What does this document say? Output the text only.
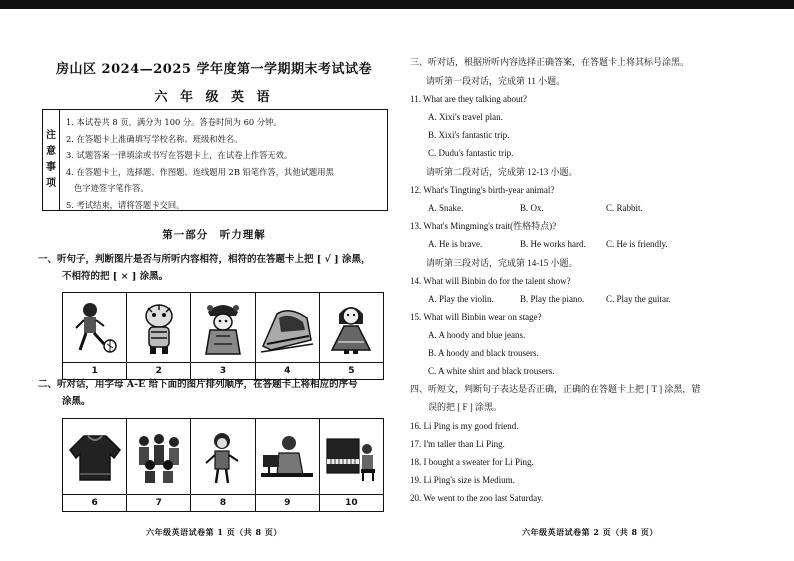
房山区 2024—2025 学年度第一学期期末考试试卷
六 年 级 英 语
注
意
事
项
1. 本试卷共 8 页，满分为 100 分。答卷时间为 60 分钟。
2. 在答题卡上准确填写学校名称、班级和姓名。
3. 试题答案一律填涂或书写在答题卡上，在试卷上作答无效。
4. 在答题卡上，选择题、作图题、连线题用 2B 铅笔作答，其他试题用黑
色字迹签字笔作答。
5. 考试结束，请将答题卡交回。
第一部分　听力理解
一、听句子，判断图片是否与所听内容相符，相符的在答题卡上把 [ √ ] 涂黑，
不相符的把 [ × ] 涂黑。
1	2	3	4	5
二、听对话，用字母 A-E 给下面的图片排列顺序，在答题卡上将相应的序号
涂黑。
6	7	8	9	10
六年级英语试卷第 1 页（共 8 页）
三、听对话，根据所听内容选择正确答案，在答题卡上将其标号涂黑。
请听第一段对话，完成第 11 小题。
11. What are they talking about?
A. Xixi's travel plan.
B. Xixi's fantastic trip.
C. Dudu's fantastic trip.
请听第二段对话，完成第 12-13 小题。
12. What's Tingting's birth-year animal?
A. Snake.	B. Ox.	C. Rabbit.
13. What's Mingming's trait(性格特点)?
A. He is brave.	B. He works hard. C. He is friendly.
请听第三段对话，完成第 14-15 小题。
14. What will Binbin do for the talent show?
A. Play the violin.	B. Play the piano. C. Play the guitar.
15. What will Binbin wear on stage?
A. A hoody and blue jeans.
B. A hoody and black trousers.
C. A white shirt and black trousers.
四、听短文，判断句子表达是否正确，正确的在答题卡上把 [ T ] 涂黑，错
误的把 [ F ] 涂黑。
16. Li Ping is my good friend.
17. I'm taller than Li Ping.
18. I bought a sweater for Li Ping.
19. Li Ping's size is Medium.
20. We went to the zoo last Saturday.
六年级英语试卷第 2 页（共 8 页）
